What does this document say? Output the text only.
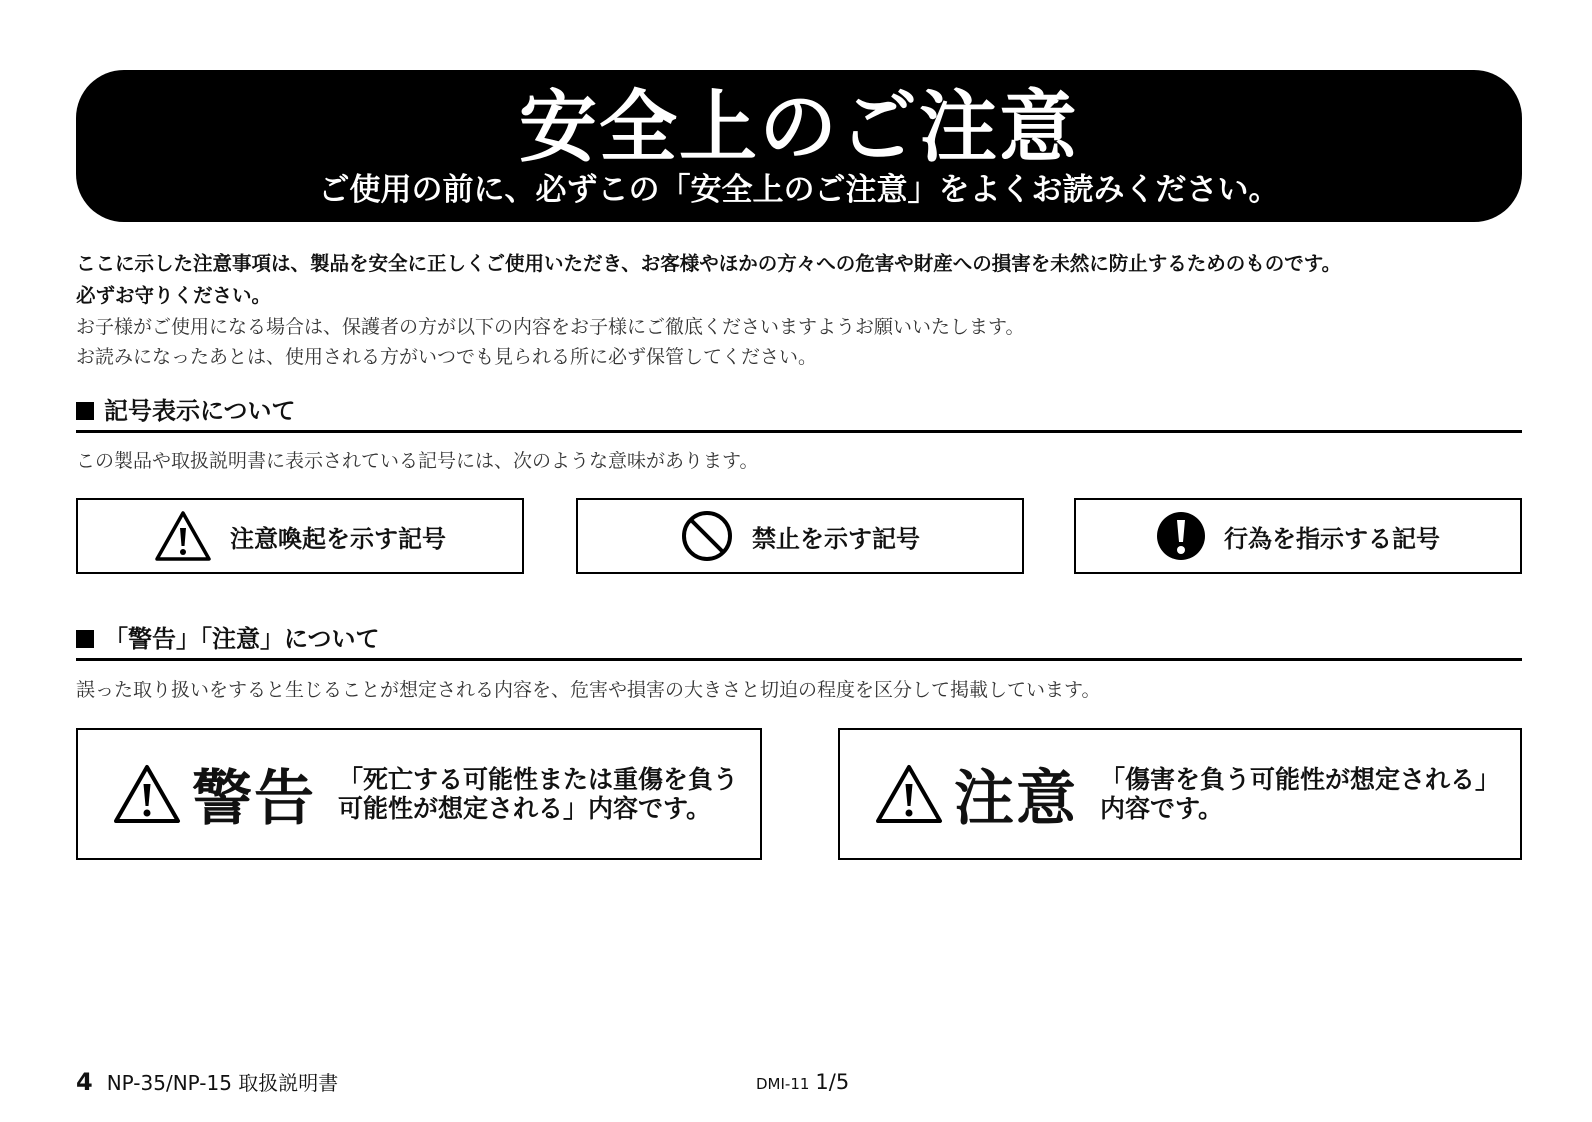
安全上のご注意
ご使用の前に、必ずこの「安全上のご注意」をよくお読みください。
ここに示した注意事項は、製品を安全に正しくご使用いただき、お客様やほかの方々への危害や財産への損害を未然に防止するためのものです。
必ずお守りください。
お子様がご使用になる場合は、保護者の方が以下の内容をお子様にご徹底くださいますようお願いいたします。
お読みになったあとは、使用される方がいつでも見られる所に必ず保管してください。
記号表示について
この製品や取扱説明書に表示されている記号には、次のような意味があります。
注意喚起を示す記号	禁止を示す記号	行為を指示する記号
「警告」「注意」について
誤った取り扱いをすると生じることが想定される内容を、危害や損害の大きさと切迫の程度を区分して掲載しています。
警告 「死亡する可能性または重傷を負う
可能性が想定される」内容です。	注意 「傷害を負う可能性が想定される」
内容です。
4 NP-35/NP-15 取扱説明書	DMI-11 1/5
